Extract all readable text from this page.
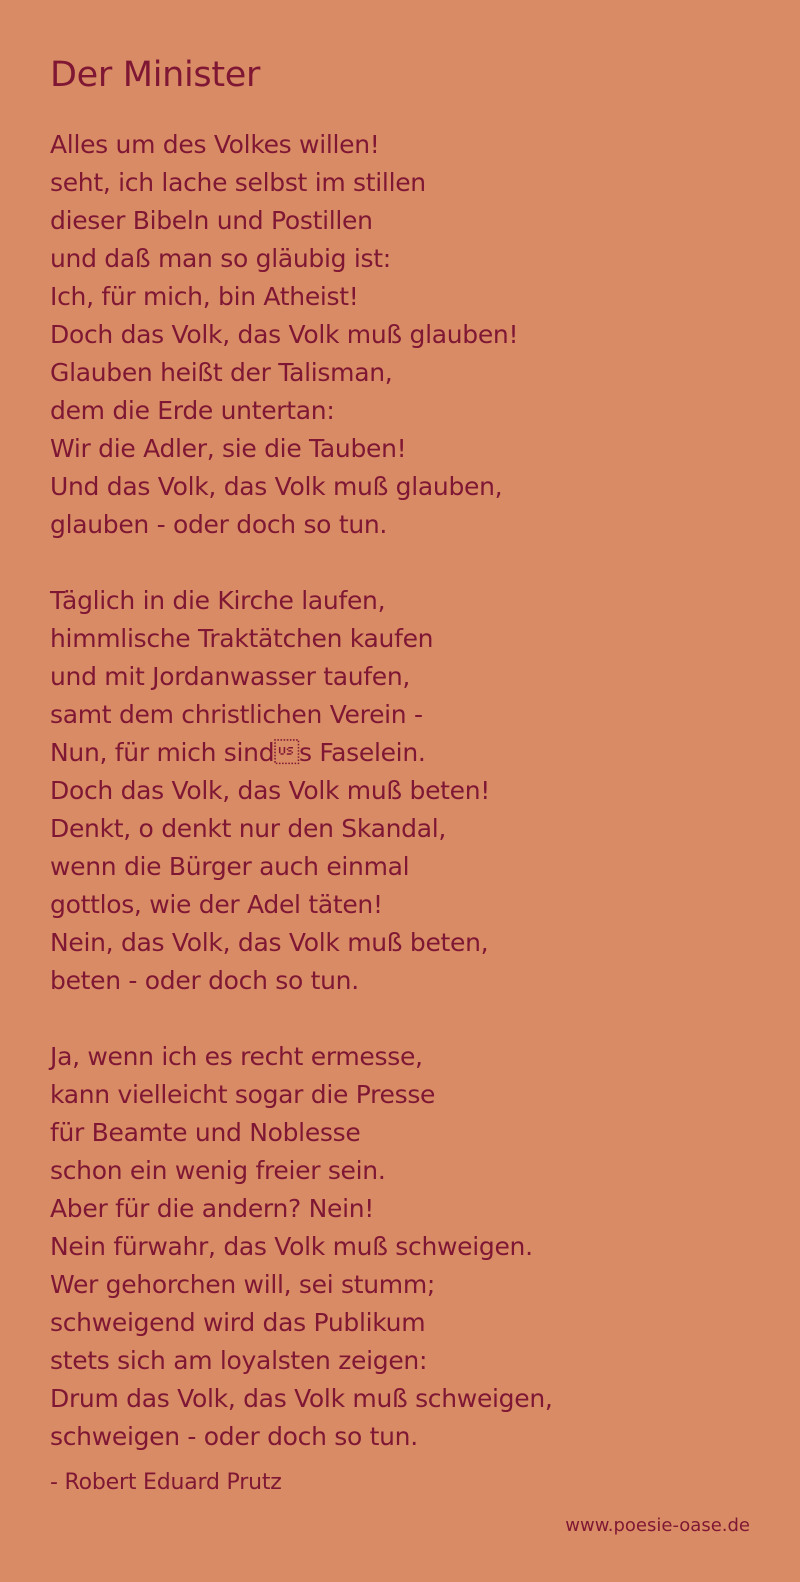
Der Minister
Alles um des Volkes willen!
seht, ich lache selbst im stillen
dieser Bibeln und Postillen
und daß man so gläubig ist:
Ich, für mich, bin Atheist!
Doch das Volk, das Volk muß glauben!
Glauben heißt der Talisman,
dem die Erde untertan:
Wir die Adler, sie die Tauben!
Und das Volk, das Volk muß glauben,
glauben - oder doch so tun.
Täglich in die Kirche laufen,
himmlische Traktätchen kaufen
und mit Jordanwasser taufen,
samt dem christlichen Verein -
Nun, für mich sinds Faselein.
Doch das Volk, das Volk muß beten!
Denkt, o denkt nur den Skandal,
wenn die Bürger auch einmal
gottlos, wie der Adel täten!
Nein, das Volk, das Volk muß beten,
beten - oder doch so tun.
Ja, wenn ich es recht ermesse,
kann vielleicht sogar die Presse
für Beamte und Noblesse
schon ein wenig freier sein.
Aber für die andern? Nein!
Nein fürwahr, das Volk muß schweigen.
Wer gehorchen will, sei stumm;
schweigend wird das Publikum
stets sich am loyalsten zeigen:
Drum das Volk, das Volk muß schweigen,
schweigen - oder doch so tun.
- Robert Eduard Prutz
www.poesie-oase.de
